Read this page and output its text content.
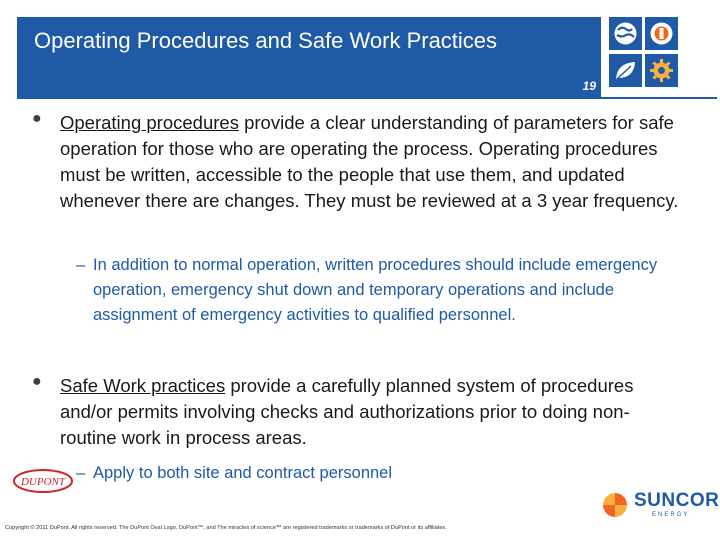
Operating Procedures and Safe Work Practices
19
● Operating procedures provide a clear understanding of parameters for safe operation for those who are operating the process. Operating procedures must be written, accessible to the people that use them, and updated whenever there are changes. They must be reviewed at a 3 year frequency.
– In addition to normal operation, written procedures should include emergency operation, emergency shut down and temporary operations and include assignment of emergency activities to qualified personnel.
● Safe Work practices provide a carefully planned system of procedures and/or permits involving checks and authorizations prior to doing non-routine work in process areas.
– Apply to both site and contract personnel
DUPONT
Copyright © 2011 DuPont. All rights reserved. The DuPont Oval Logo, DuPont™, and The miracles of science™ are registered trademarks or trademarks of DuPont or its affiliates.
SUNCOR
ENERGY
